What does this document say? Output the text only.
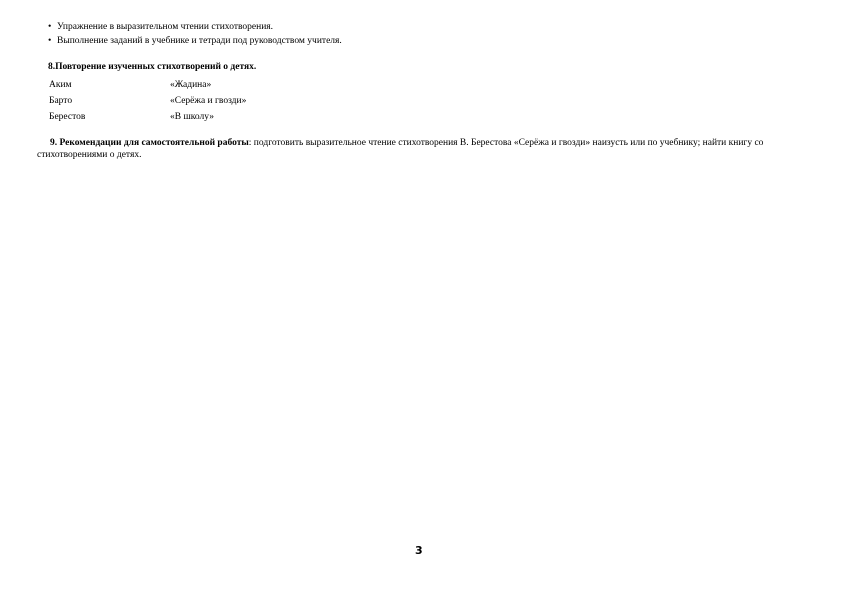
• Упражнение в выразительном чтении стихотворения.
• Выполнение заданий в учебнике и тетради под руководством учителя.
8.Повторение изученных стихотворений о детях.
Аким	«Жадина»
Барто	«Серёжа и гвозди»
Берестов	«В школу»
9. Рекомендации для самостоятельной работы: подготовить выразительное чтение стихотворения В. Берестова «Серёжа и гвозди» наизусть или по учебнику; найти книгу со стихотворениями о детях.
3
